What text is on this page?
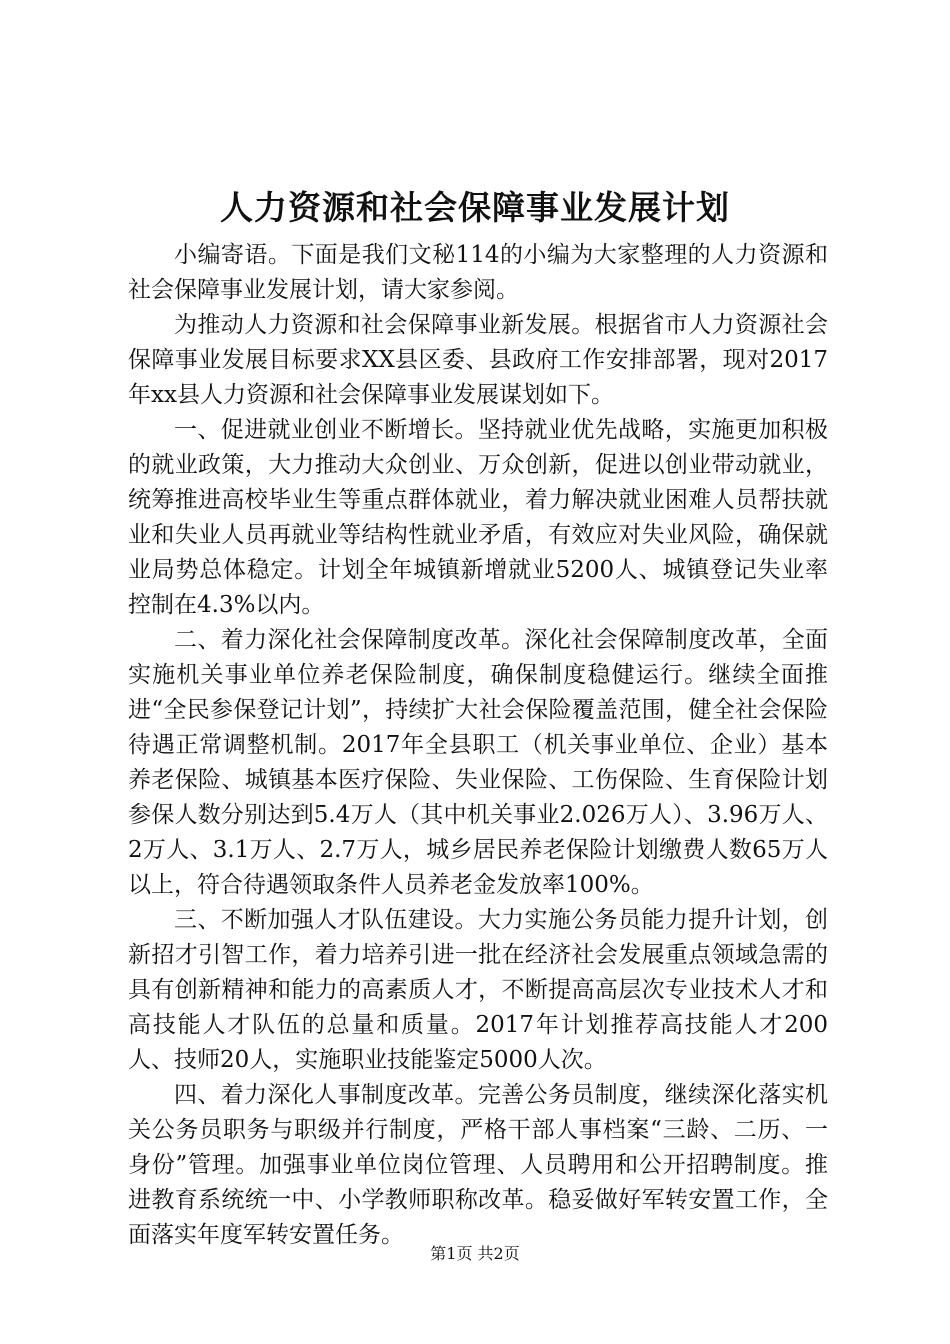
人力资源和社会保障事业发展计划

小编寄语。下面是我们文秘114的小编为大家整理的人力资源和社会保障事业发展计划，请大家参阅。

为推动人力资源和社会保障事业新发展。根据省市人力资源社会保障事业发展目标要求XX县区委、县政府工作安排部署，现对2017年xx县人力资源和社会保障事业发展谋划如下。

一、促进就业创业不断增长。坚持就业优先战略，实施更加积极的就业政策，大力推动大众创业、万众创新，促进以创业带动就业，统筹推进高校毕业生等重点群体就业，着力解决就业困难人员帮扶就业和失业人员再就业等结构性就业矛盾，有效应对失业风险，确保就业局势总体稳定。计划全年城镇新增就业5200人、城镇登记失业率控制在4.3%以内。

二、着力深化社会保障制度改革。深化社会保障制度改革，全面实施机关事业单位养老保险制度，确保制度稳健运行。继续全面推进“全民参保登记计划”，持续扩大社会保险覆盖范围，健全社会保险待遇正常调整机制。2017年全县职工（机关事业单位、企业）基本养老保险、城镇基本医疗保险、失业保险、工伤保险、生育保险计划参保人数分别达到5.4万人（其中机关事业2.026万人）、3.96万人、2万人、3.1万人、2.7万人，城乡居民养老保险计划缴费人数65万人以上，符合待遇领取条件人员养老金发放率100%。

三、不断加强人才队伍建设。大力实施公务员能力提升计划，创新招才引智工作，着力培养引进一批在经济社会发展重点领域急需的具有创新精神和能力的高素质人才，不断提高高层次专业技术人才和高技能人才队伍的总量和质量。2017年计划推荐高技能人才200人、技师20人，实施职业技能鉴定5000人次。

四、着力深化人事制度改革。完善公务员制度，继续深化落实机关公务员职务与职级并行制度，严格干部人事档案“三龄、二历、一身份”管理。加强事业单位岗位管理、人员聘用和公开招聘制度。推进教育系统统一中、小学教师职称改革。稳妥做好军转安置工作，全面落实年度军转安置任务。

第1页 共2页
